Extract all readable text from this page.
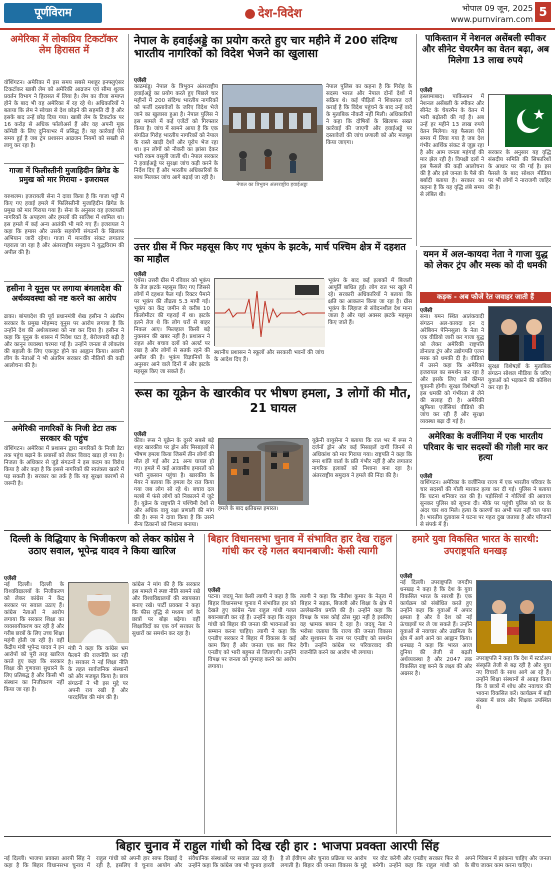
पूर्णविराम	देश-विदेश	भोपाल 09 जून, 2025
www.purnviram.com
5
अमेरिका में लोकप्रिय टिकटॉकर लेम हिरासत में
वॉशिंगटन। अमेरिका में इस समय सबसे मशहूर इनफ्लुएंसर टिकटॉकर खाबी लेम को अमेरिकी आव्रजन एवं सीमा शुल्क प्रवर्तन विभाग ने हिरासत में लिया है। लेम का वीजा समाप्त होने के बाद भी वह अमेरिका में रह रहे थे। अधिकारियों ने बताया कि लेम ने स्वेच्छा से देश छोड़ने की सहमति दी है और इसके बाद उन्हें छोड़ दिया गया। खाबी लेम के टिकटॉक पर 16 करोड़ से अधिक फॉलोअर्स हैं और वह अपनी मूक कॉमेडी के लिए दुनियाभर में प्रसिद्ध हैं। यह कार्रवाई ऐसे समय हुई है जब ट्रंप प्रशासन आव्रजन नियमों को सख्ती से लागू कर रहा है।
गाजा में फिलीस्तीनी मुजाहिदीन ब्रिगेड के प्रमुख को मार गिराया - इजरायल
यरुशलम। इजरायली सेना ने दावा किया है कि गाजा पट्टी में किए गए हवाई हमले में फिलिस्तीनी मुजाहिदीन ब्रिगेड के प्रमुख को मार गिराया गया है। सेना के अनुसार वह इजरायली नागरिकों के अपहरण और हमलों की साजिश में शामिल था। इस हमले में कई अन्य आतंकी भी मारे गए हैं। इजरायल ने कहा कि हमास और उसके सहयोगी संगठनों के खिलाफ अभियान जारी रहेगा। गाजा में मानवीय संकट लगातार गहराता जा रहा है और अंतरराष्ट्रीय समुदाय ने युद्धविराम की अपील की है।
हसीना ने यूनुस पर लगाया बंगलादेश की अर्थव्यवस्था को नष्ट करने का आरोप
ढाका। बांग्लादेश की पूर्व प्रधानमंत्री शेख हसीना ने अंतरिम सरकार के प्रमुख मोहम्मद यूनुस पर आरोप लगाया है कि उन्होंने देश की अर्थव्यवस्था को नष्ट कर दिया है। हसीना ने कहा कि यूनुस के शासन में निवेश घटा है, बेरोजगारी बढ़ी है और कानून व्यवस्था चरमरा गई है। उन्होंने जनता से लोकतंत्र की बहाली के लिए एकजुट होने का आह्वान किया। अवामी लीग के नेताओं ने भी अंतरिम सरकार की नीतियों की कड़ी आलोचना की है।
अमेरिकी नागरिकों के निजी डेटा तक सरकार की पहुंच
वॉशिंगटन। अमेरिका में प्रशासन द्वारा नागरिकों के निजी डेटा तक पहुंच बढ़ाने के प्रयासों को लेकर विवाद खड़ा हो गया है। निजता के अधिकार से जुड़े संगठनों ने इस कदम का विरोध किया है और कहा है कि इससे नागरिकों की स्वतंत्रता खतरे में पड़ सकती है। सरकार का तर्क है कि यह सुरक्षा कारणों से जरूरी है।
नेपाल के हवाईअड्डे का प्रयोग करते हुए चार महीने में 200 संदिग्ध भारतीय नागरिकों को विदेश भेजने का खुलासा
एजेंसी
काठमांडू। नेपाल के त्रिभुवन अंतरराष्ट्रीय हवाईअड्डे का प्रयोग करते हुए पिछले चार महीनों में 200 संदिग्ध भारतीय नागरिकों को फर्जी दस्तावेजों के जरिए विदेश भेजे जाने का खुलासा हुआ है। नेपाल पुलिस ने इस मामले में कई एजेंटों को गिरफ्तार किया है। जांच में सामने आया है कि एक संगठित गिरोह भारतीय नागरिकों को नेपाल के रास्ते खाड़ी देशों और यूरोप भेज रहा था। इन लोगों को नौकरी का झांसा देकर भारी रकम वसूली जाती थी। नेपाल सरकार ने हवाईअड्डे पर सुरक्षा जांच कड़ी करने के निर्देश दिए हैं और भारतीय अधिकारियों के साथ मिलकर जांच आगे बढ़ाई जा रही है।
नेपाल का त्रिभुवन अंतरराष्ट्रीय हवाईअड्डा
नेपाल पुलिस का कहना है कि गिरोह के सदस्य भारत और नेपाल दोनों देशों में सक्रिय थे। कई पीड़ितों ने शिकायत दर्ज कराई है कि विदेश पहुंचने के बाद उन्हें वादे के मुताबिक नौकरी नहीं मिली। अधिकारियों ने कहा कि दोषियों के खिलाफ सख्त कार्रवाई की जाएगी और हवाईअड्डे पर दस्तावेजों की जांच प्रणाली को और मजबूत किया जाएगा।
पाकिस्तान में नेशनल असेंबली स्पीकर और सीनेट चेयरमैन का वेतन बढ़ा, अब मिलेगा 13 लाख रुपये
एजेंसी
इस्लामाबाद। पाकिस्तान में नेशनल असेंबली के स्पीकर और सीनेट के चेयरमैन के वेतन में भारी बढ़ोतरी की गई है। अब उन्हें हर महीने 13 लाख रुपये वेतन मिलेगा। यह फैसला ऐसे समय में लिया गया है जब देश गंभीर आर्थिक संकट से जूझ रहा है और आम जनता महंगाई की मार झेल रही है। विपक्षी दलों ने इस फैसले की कड़ी आलोचना की है और इसे जनता के पैसे की बर्बादी बताया है। सरकार का कहना है कि यह वृद्धि लंबे समय से लंबित थी।
सरकार के अनुसार यह वृद्धि संसदीय समिति की सिफारिशों के आधार पर की गई है। इस फैसले के बाद सोशल मीडिया पर भी लोगों ने नाराजगी जाहिर की है।
उत्तर ग्रीस में फिर महसूस किए गए भूकंप के झटके, मार्च पश्चिम क्षेत्र में दहशत का माहौल
एजेंसी
एथेंस। उत्तरी ग्रीस में रविवार को भूकंप के तेज झटके महसूस किए गए जिससे लोगों में दहशत फैल गई। रिक्टर पैमाने पर भूकंप की तीव्रता 5.3 मापी गई। भूकंप का केंद्र जमीन से करीब 10 किलोमीटर की गहराई में था। झटके इतने तेज थे कि लोग घरों से बाहर निकल आए। फिलहाल किसी बड़े नुकसान की खबर नहीं है। प्रशासन ने राहत और बचाव दलों को अलर्ट पर रखा है और लोगों से सतर्क रहने की अपील की है। भूकंप विज्ञानियों के अनुसार आने वाले दिनों में और झटके महसूस किए जा सकते हैं।
स्थानीय प्रशासन ने स्कूलों और सरकारी भवनों की जांच के आदेश दिए हैं।
भूकंप के बाद कई इलाकों में बिजली आपूर्ति बाधित हुई। लोग रात भर खुले में रहे। सरकारी अधिकारियों ने बताया कि क्षति का आकलन किया जा रहा है। ग्रीस भूकंप के लिहाज से संवेदनशील देश माना जाता है और यहां अक्सर झटके महसूस किए जाते हैं।
यमन में अल-कायदा नेता ने गाजा युद्ध को लेकर ट्रंप और मस्क को दी धमकी
कड़क - अब फौजें रेत जवाहर जाती हैं
एजेंसी
सना। यमन स्थित आतंकवादी संगठन अल-कायदा इन द अरेबियन पेनिनसुला के नेता ने एक वीडियो जारी कर गाजा युद्ध को लेकर अमेरिकी राष्ट्रपति डोनाल्ड ट्रंप और उद्योगपति एलन मस्क को धमकी दी है। वीडियो में उसने कहा कि अमेरिका इजरायल का समर्थन कर रहा है और इसके लिए उसे कीमत चुकानी होगी। सुरक्षा विशेषज्ञों ने इस धमकी को गंभीरता से लेने की सलाह दी है। अमेरिकी खुफिया एजेंसियां वीडियो की जांच कर रही हैं और सुरक्षा व्यवस्था बढ़ा दी गई है।
सुरक्षा विशेषज्ञों के मुताबिक संगठन सोशल मीडिया के जरिए युवाओं को भड़काने की कोशिश कर रहा है।
रूस का यूक्रेन के खारकीव पर भीषण हमला, 3 लोगों की मौत, 21 घायल
एजेंसी
कीव। रूस ने यूक्रेन के दूसरे सबसे बड़े शहर खारकीव पर ड्रोन और मिसाइलों से भीषण हमला किया जिसमें तीन लोगों की मौत हो गई और 21 अन्य घायल हो गए। हमले में कई आवासीय इमारतों को भारी नुकसान पहुंचा है। खारकीव के मेयर ने बताया कि हमला देर रात किया गया जब लोग सो रहे थे। बचाव दल मलबे में फंसे लोगों को निकालने में जुटे हैं। यूक्रेन के राष्ट्रपति ने पश्चिमी देशों से और अधिक वायु रक्षा प्रणाली की मांग की है। रूस ने दावा किया है कि उसने सैन्य ठिकानों को निशाना बनाया।
हमले के बाद क्षतिग्रस्त इमारत।
यूक्रेनी वायुसेना ने बताया कि रात भर में रूस ने दर्जनों ड्रोन और कई मिसाइलें दागीं जिनमें से अधिकांश को मार गिराया गया। राष्ट्रपति ने कहा कि रूस शांति वार्ता के प्रति गंभीर नहीं है और लगातार नागरिक इलाकों को निशाना बना रहा है। अंतरराष्ट्रीय समुदाय ने हमले की निंदा की है।
अमेरिका के वर्जीनिया में एक भारतीय परिवार के चार सदस्यों की गोली मार कर हत्या
एजेंसी
वाशिंगटन। अमेरिका के वर्जीनिया राज्य में एक भारतीय परिवार के चार सदस्यों की गोली मारकर हत्या कर दी गई। पुलिस ने बताया कि घटना शनिवार रात की है। पड़ोसियों ने गोलियों की आवाज सुनकर पुलिस को सूचना दी। मौके पर पहुंची पुलिस को घर के अंदर चार शव मिले। हत्या के कारणों का अभी पता नहीं चल पाया है। भारतीय दूतावास ने घटना पर गहरा दुख जताया है और परिजनों से संपर्क में है।
दिल्ली के विद्धियाए के भिजीकरण को लेकर कांग्रेस ने उठाए सवाल, भूपेन्द्र यादव ने किया खारिज
एजेंसी
नई दिल्ली। दिल्ली के विश्वविद्यालयों के निजीकरण को लेकर कांग्रेस ने केंद्र सरकार पर सवाल उठाए हैं। कांग्रेस नेताओं ने आरोप लगाया कि सरकार शिक्षा का व्यवसायीकरण कर रही है और गरीब छात्रों के लिए उच्च शिक्षा महंगी होती जा रही है। वहीं केंद्रीय मंत्री भूपेन्द्र यादव ने इन आरोपों को पूरी तरह खारिज करते हुए कहा कि सरकार शिक्षा की गुणवत्ता सुधारने के लिए प्रतिबद्ध है और किसी भी संस्थान का निजीकरण नहीं किया जा रहा है।
मंत्री ने कहा कि कांग्रेस भ्रम फैलाने की राजनीति कर रही है। सरकार ने नई शिक्षा नीति के तहत सार्वजनिक संस्थानों को और मजबूत किया है। छात्र संगठनों ने भी इस मुद्दे पर अपनी राय रखी है और पारदर्शिता की मांग की है।
कांग्रेस ने मांग की है कि सरकार इस मामले में स्पष्ट नीति सामने रखे और विश्वविद्यालयों की स्वायत्तता बनाए रखे। पार्टी प्रवक्ता ने कहा कि फीस वृद्धि से मध्यम वर्ग के छात्रों पर बोझ बढ़ेगा। वहीं शिक्षाविदों का एक वर्ग सरकार के सुधारों का समर्थन कर रहा है।
बिहार विधानसभा चुनाव में संभावित हार देख राहुल गांधी कर रहे गलत बयानबाजी: केसी त्यागी
एजेंसी
पटना। जदयू नेता केसी त्यागी ने कहा है कि बिहार विधानसभा चुनाव में संभावित हार को देखते हुए कांग्रेस नेता राहुल गांधी गलत बयानबाजी कर रहे हैं। उन्होंने कहा कि राहुल गांधी को बिहार की जनता की भावनाओं का सम्मान करना चाहिए। त्यागी ने कहा कि एनडीए सरकार ने बिहार में विकास के कई काम किए हैं और जनता एक बार फिर एनडीए को भारी बहुमत से जिताएगी। उन्होंने विपक्ष पर जनता को गुमराह करने का आरोप लगाया।
त्यागी ने कहा कि नीतीश कुमार के नेतृत्व में बिहार ने सड़क, बिजली और शिक्षा के क्षेत्र में उल्लेखनीय प्रगति की है। उन्होंने कहा कि विपक्ष के पास कोई ठोस मुद्दा नहीं है इसलिए वह भ्रामक बयान दे रहा है। जदयू नेता ने भरोसा जताया कि राज्य की जनता विकास और सुशासन के नाम पर एनडीए को समर्थन देगी। उन्होंने कांग्रेस पर परिवारवाद की राजनीति करने का आरोप भी लगाया।
हमारे युवा विकसित भारत के सारथी: उपराष्ट्रपति धनखड़
एजेंसी
नई दिल्ली। उपराष्ट्रपति जगदीप धनखड़ ने कहा है कि देश के युवा विकसित भारत के सारथी हैं। एक कार्यक्रम को संबोधित करते हुए उन्होंने कहा कि युवाओं में अपार क्षमता है और वे देश को नई ऊंचाइयों पर ले जा सकते हैं। उन्होंने युवाओं से नवाचार और उद्यमिता के क्षेत्र में आगे आने का आह्वान किया। धनखड़ ने कहा कि भारत आज दुनिया की तेजी से बढ़ती अर्थव्यवस्था है और 2047 तक विकसित राष्ट्र बनने के लक्ष्य की ओर अग्रसर है।
उपराष्ट्रपति ने कहा कि देश में स्टार्टअप संस्कृति तेजी से बढ़ रही है और युवा नए विचारों के साथ आगे आ रहे हैं। उन्होंने शिक्षा संस्थानों से आग्रह किया कि वे छात्रों में शोध और नवाचार की भावना विकसित करें। कार्यक्रम में बड़ी संख्या में छात्र और शिक्षक उपस्थित थे।
बिहार चुनाव में राहुल गांधी को दिख रही हार : भाजपा प्रवक्ता आरपी सिंह
नई दिल्ली। भाजपा प्रवक्ता आरपी सिंह ने कहा है कि बिहार विधानसभा चुनाव में राहुल गांधी को अपनी हार साफ दिखाई दे रही है, इसलिए वे चुनाव आयोग और संवैधानिक संस्थाओं पर सवाल उठा रहे हैं। उन्होंने कहा कि कांग्रेस जब भी चुनाव हारती है तो ईवीएम और चुनाव प्रक्रिया पर आरोप लगाती है। बिहार की जनता विकास के मुद्दे पर वोट करेगी और एनडीए सरकार फिर से बनेगी। उन्होंने कहा कि राहुल गांधी को अपने गिरेबान में झांकना चाहिए और जनता के बीच जाकर काम करना चाहिए।
